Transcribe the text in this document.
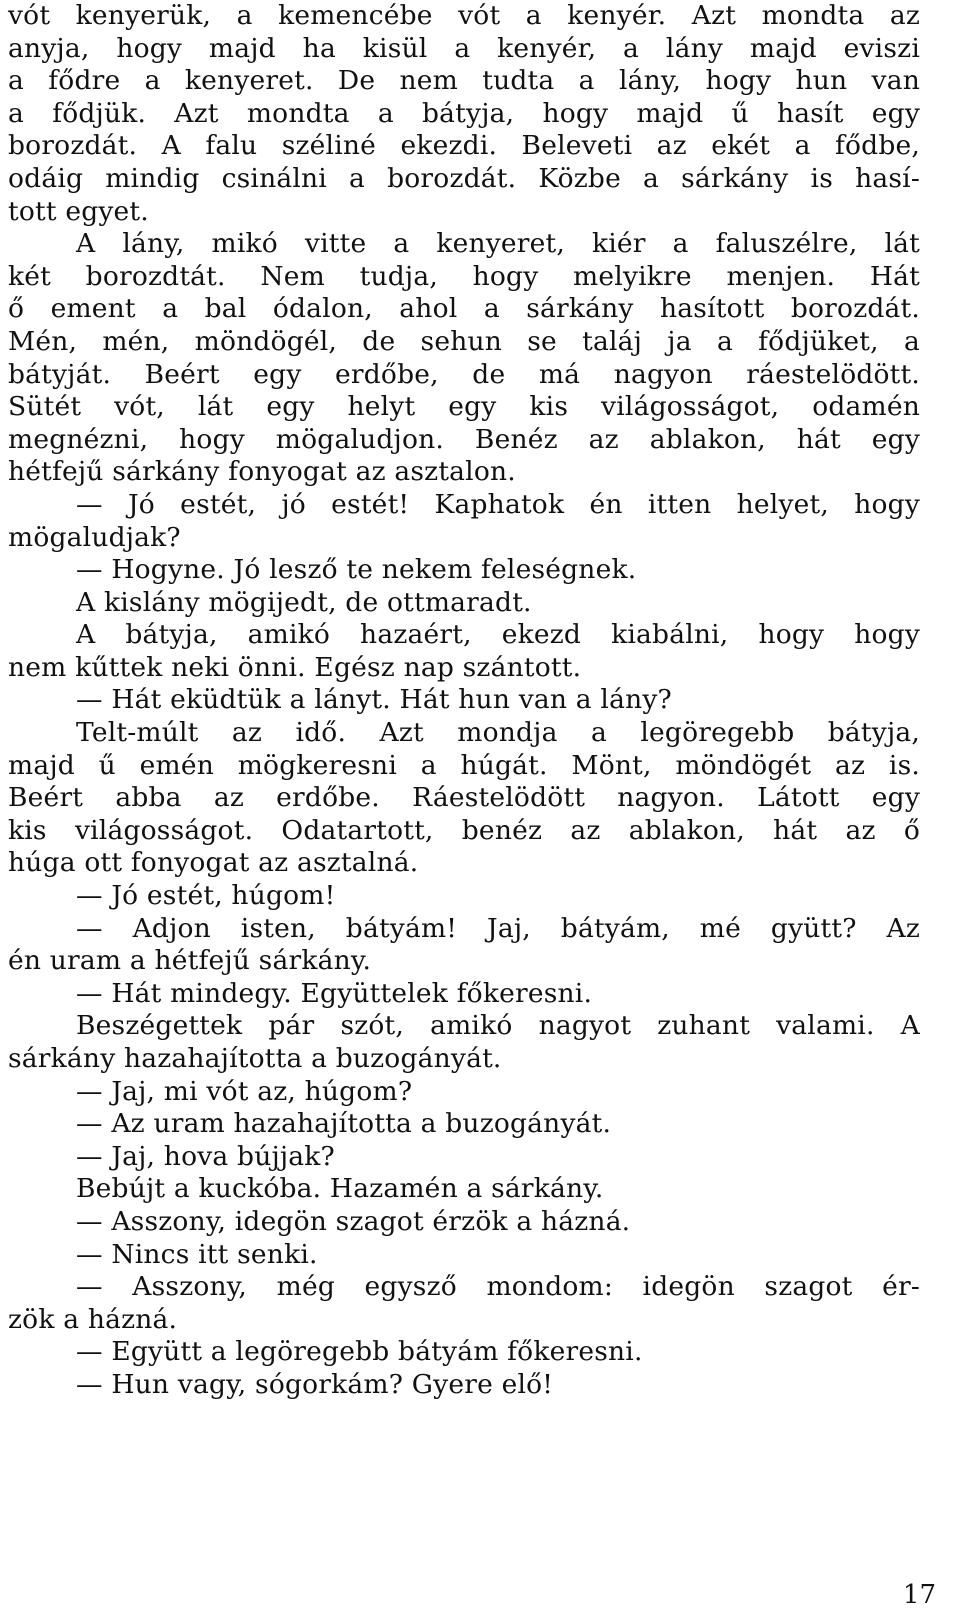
vót kenyerük, a kemencébe vót a kenyér. Azt mondta az
anyja, hogy majd ha kisül a kenyér, a lány majd eviszi
a fődre a kenyeret. De nem tudta a lány, hogy hun van
a fődjük. Azt mondta a bátyja, hogy majd ű hasít egy
borozdát. A falu széliné ekezdi. Beleveti az ekét a fődbe,
odáig mindig csinálni a borozdát. Közbe a sárkány is hasí-
tott egyet.
A lány, mikó vitte a kenyeret, kiér a faluszélre, lát
két borozdtát. Nem tudja, hogy melyikre menjen. Hát
ő ement a bal ódalon, ahol a sárkány hasított borozdát.
Mén, mén, möndögél, de sehun se taláj ja a fődjüket, a
bátyját. Beért egy erdőbe, de má nagyon ráestelödött.
Sütét vót, lát egy helyt egy kis világosságot, odamén
megnézni, hogy mögaludjon. Benéz az ablakon, hát egy
hétfejű sárkány fonyogat az asztalon.
— Jó estét, jó estét! Kaphatok én itten helyet, hogy
mögaludjak?
— Hogyne. Jó lesző te nekem feleségnek.
A kislány mögijedt, de ottmaradt.
A bátyja, amikó hazaért, ekezd kiabálni, hogy hogy
nem kűttek neki önni. Egész nap szántott.
— Hát eküdtük a lányt. Hát hun van a lány?
Telt-múlt az idő. Azt mondja a legöregebb bátyja,
majd ű emén mögkeresni a húgát. Mönt, möndögét az is.
Beért abba az erdőbe. Ráestelödött nagyon. Látott egy
kis világosságot. Odatartott, benéz az ablakon, hát az ő
húga ott fonyogat az asztalná.
— Jó estét, húgom!
— Adjon isten, bátyám! Jaj, bátyám, mé gyütt? Az
én uram a hétfejű sárkány.
— Hát mindegy. Együttelek főkeresni.
Beszégettek pár szót, amikó nagyot zuhant valami. A
sárkány hazahajította a buzogányát.
— Jaj, mi vót az, húgom?
— Az uram hazahajította a buzogányát.
— Jaj, hova bújjak?
Bebújt a kuckóba. Hazamén a sárkány.
— Asszony, idegön szagot érzök a házná.
— Nincs itt senki.
— Asszony, még egysző mondom: idegön szagot ér-
zök a házná.
— Együtt a legöregebb bátyám főkeresni.
— Hun vagy, sógorkám? Gyere elő!
17
